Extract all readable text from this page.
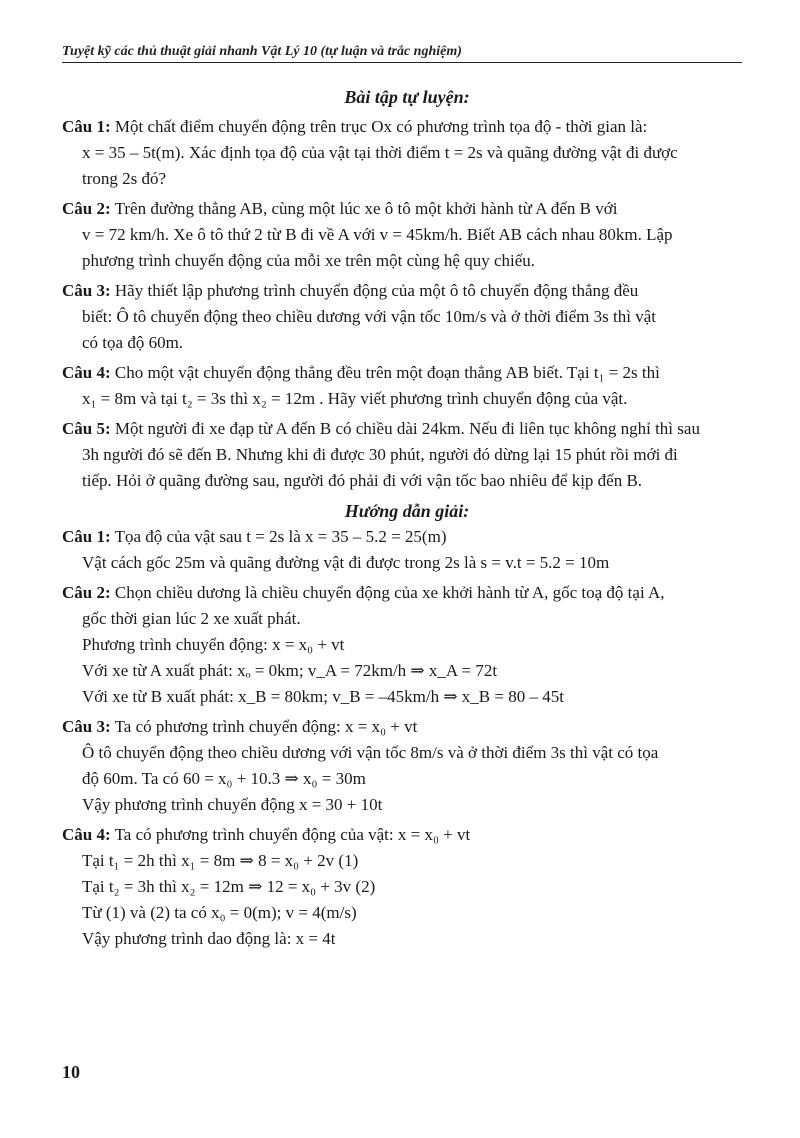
Tuyệt kỹ các thủ thuật giải nhanh Vật Lý 10 (tự luận và trắc nghiệm)

Bài tập tự luyện:

Câu 1: Một chất điểm chuyển động trên trục Ox có phương trình tọa độ - thời gian là:
x = 35 – 5t(m). Xác định tọa độ của vật tại thời điểm t = 2s và quãng đường vật đi được
trong 2s đó?
Câu 2: Trên đường thẳng AB, cùng một lúc xe ô tô một khởi hành từ A đến B với
v = 72 km/h. Xe ô tô thứ 2 từ B đi về A với v = 45km/h. Biết AB cách nhau 80km. Lập
phương trình chuyển động của mỗi xe trên một cùng hệ quy chiếu.
Câu 3: Hãy thiết lập phương trình chuyển động của một ô tô chuyển động thẳng đều
biết: Ô tô chuyển động theo chiều dương với vận tốc 10m/s và ở thời điểm 3s thì vật
có tọa độ 60m.
Câu 4: Cho một vật chuyển động thẳng đều trên một đoạn thẳng AB biết. Tại t₁ = 2s thì
x₁ = 8m và tại t₂ = 3s thì x₂ = 12m . Hãy viết phương trình chuyển động của vật.
Câu 5: Một người đi xe đạp từ A đến B có chiều dài 24km. Nếu đi liên tục không nghỉ thì sau
3h người đó sẽ đến B. Nhưng khi đi được 30 phút, người đó dừng lại 15 phút rồi mới đi
tiếp. Hỏi ở quãng đường sau, người đó phải đi với vận tốc bao nhiêu để kịp đến B.

Hướng dẫn giải:

Câu 1: Tọa độ của vật sau t = 2s là x = 35 – 5.2 = 25(m)
Vật cách gốc 25m và quãng đường vật đi được trong 2s là s = v.t = 5.2 = 10m
Câu 2: Chọn chiều dương là chiều chuyển động của xe khởi hành từ A, gốc toạ độ tại A,
gốc thời gian lúc 2 xe xuất phát.
Phương trình chuyển động: x = x₀ + vt
Với xe từ A xuất phát: xₒ = 0km; v_A = 72km/h ⇒ x_A = 72t
Với xe từ B xuất phát: x_B = 80km; v_B = –45km/h ⇒ x_B = 80 – 45t
Câu 3: Ta có phương trình chuyển động: x = x₀ + vt
Ô tô chuyển động theo chiều dương với vận tốc 8m/s và ở thời điểm 3s thì vật có tọa
độ 60m. Ta có 60 = x₀ + 10.3 ⇒ x₀ = 30m
Vậy phương trình chuyển động x = 30 + 10t
Câu 4: Ta có phương trình chuyển động của vật: x = x₀ + vt
Tại t₁ = 2h thì x₁ = 8m ⇒ 8 = x₀ + 2v (1)
Tại t₂ = 3h thì x₂ = 12m ⇒ 12 = x₀ + 3v (2)
Từ (1) và (2) ta có x₀ = 0(m); v = 4(m/s)
Vậy phương trình dao động là: x = 4t
10
